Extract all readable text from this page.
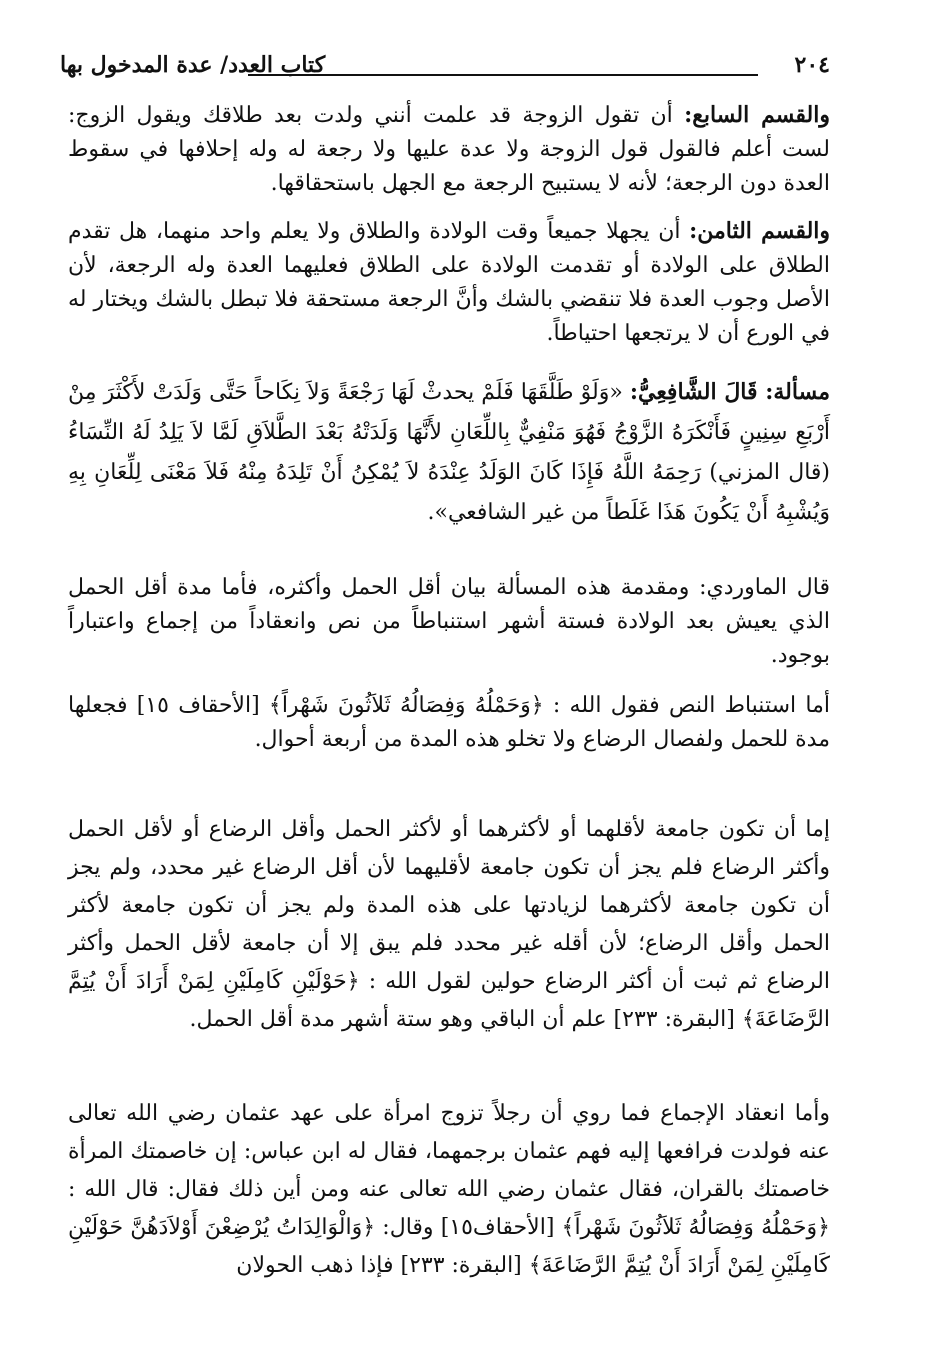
٢٠٤
كتاب العدد/ عدة المدخول بها
والقسم السابع: أن تقول الزوجة قد علمت أنني ولدت بعد طلاقك ويقول الزوج: لست أعلم فالقول قول الزوجة ولا عدة عليها ولا رجعة له وله إحلافها في سقوط العدة دون الرجعة؛ لأنه لا يستبيح الرجعة مع الجهل باستحقاقها.
والقسم الثامن: أن يجهلا جميعاً وقت الولادة والطلاق ولا يعلم واحد منهما، هل تقدم الطلاق على الولادة أو تقدمت الولادة على الطلاق فعليهما العدة وله الرجعة، لأن الأصل وجوب العدة فلا تنقضي بالشك وأنَّ الرجعة مستحقة فلا تبطل بالشك ويختار له في الورع أن لا يرتجعها احتياطاً.
مسألة: قَالَ الشَّافِعِيُّ: «وَلَوْ طَلَّقَهَا فَلَمْ يحدثْ لَهَا رَجْعَةً وَلاَ نِكَاحاً حَتَّى وَلَدَتْ لأَكْثَرَ مِنْ أَرْبَعِ سِنِينٍ فَأَنْكَرَهُ الزَّوْجُ فَهُوَ مَنْفِيٌّ بِاللِّعَانِ لأَنَّهَا وَلَدَتْهُ بَعْدَ الطَّلاَقِ لَمَّا لاَ يَلِدُ لَهُ النِّسَاءُ (قال المزني) رَحِمَهُ اللَّهُ فَإِذَا كَانَ الوَلَدُ عِنْدَهُ لاَ يُمْكِنُ أَنْ تَلِدَهُ مِنْهُ فَلاَ مَعْنَى لِلِّعَانِ بِهِ وَيُشْبِهُ أَنْ يَكُونَ هَذَا غَلَطاً من غير الشافعي».
قال الماوردي: ومقدمة هذه المسألة بيان أقل الحمل وأكثره، فأما مدة أقل الحمل الذي يعيش بعد الولادة فستة أشهر استنباطاً من نص وانعقاداً من إجماع واعتباراً بوجود.
أما استنباط النص فقول الله : ﴿وَحَمْلُهُ وَفِصَالُهُ ثَلاَثُونَ شَهْراً﴾ [الأحقاف ١٥] فجعلها مدة للحمل ولفصال الرضاع ولا تخلو هذه المدة من أربعة أحوال.
إما أن تكون جامعة لأقلهما أو لأكثرهما أو لأكثر الحمل وأقل الرضاع أو لأقل الحمل وأكثر الرضاع فلم يجز أن تكون جامعة لأقليهما لأن أقل الرضاع غير محدد، ولم يجز أن تكون جامعة لأكثرهما لزيادتها على هذه المدة ولم يجز أن تكون جامعة لأكثر الحمل وأقل الرضاع؛ لأن أقله غير محدد فلم يبق إلا أن جامعة لأقل الحمل وأكثر الرضاع ثم ثبت أن أكثر الرضاع حولين لقول الله : ﴿حَوْلَيْنِ كَامِلَيْنِ لِمَنْ أَرَادَ أَنْ يُتِمَّ الرَّضَاعَةَ﴾ [البقرة: ٢٣٣] علم أن الباقي وهو ستة أشهر مدة أقل الحمل.
وأما انعقاد الإجماع فما روي أن رجلاً تزوج امرأة على عهد عثمان رضي الله تعالى عنه فولدت فرافعها إليه فهم عثمان برجمهما، فقال له ابن عباس: إن خاصمتك المرأة خاصمتك بالقران، فقال عثمان رضي الله تعالى عنه ومن أين ذلك فقال: قال الله : ﴿وَحَمْلُهُ وَفِصَالُهُ ثَلاَثُونَ شَهْراً﴾ [الأحقاف١٥] وقال: ﴿وَالْوَالِدَاتُ يُرْضِعْنَ أَوْلاَدَهُنَّ حَوْلَيْنِ كَامِلَيْنِ لِمَنْ أَرَادَ أَنْ يُتِمَّ الرَّضَاعَةَ﴾ [البقرة: ٢٣٣] فإذا ذهب الحولان
